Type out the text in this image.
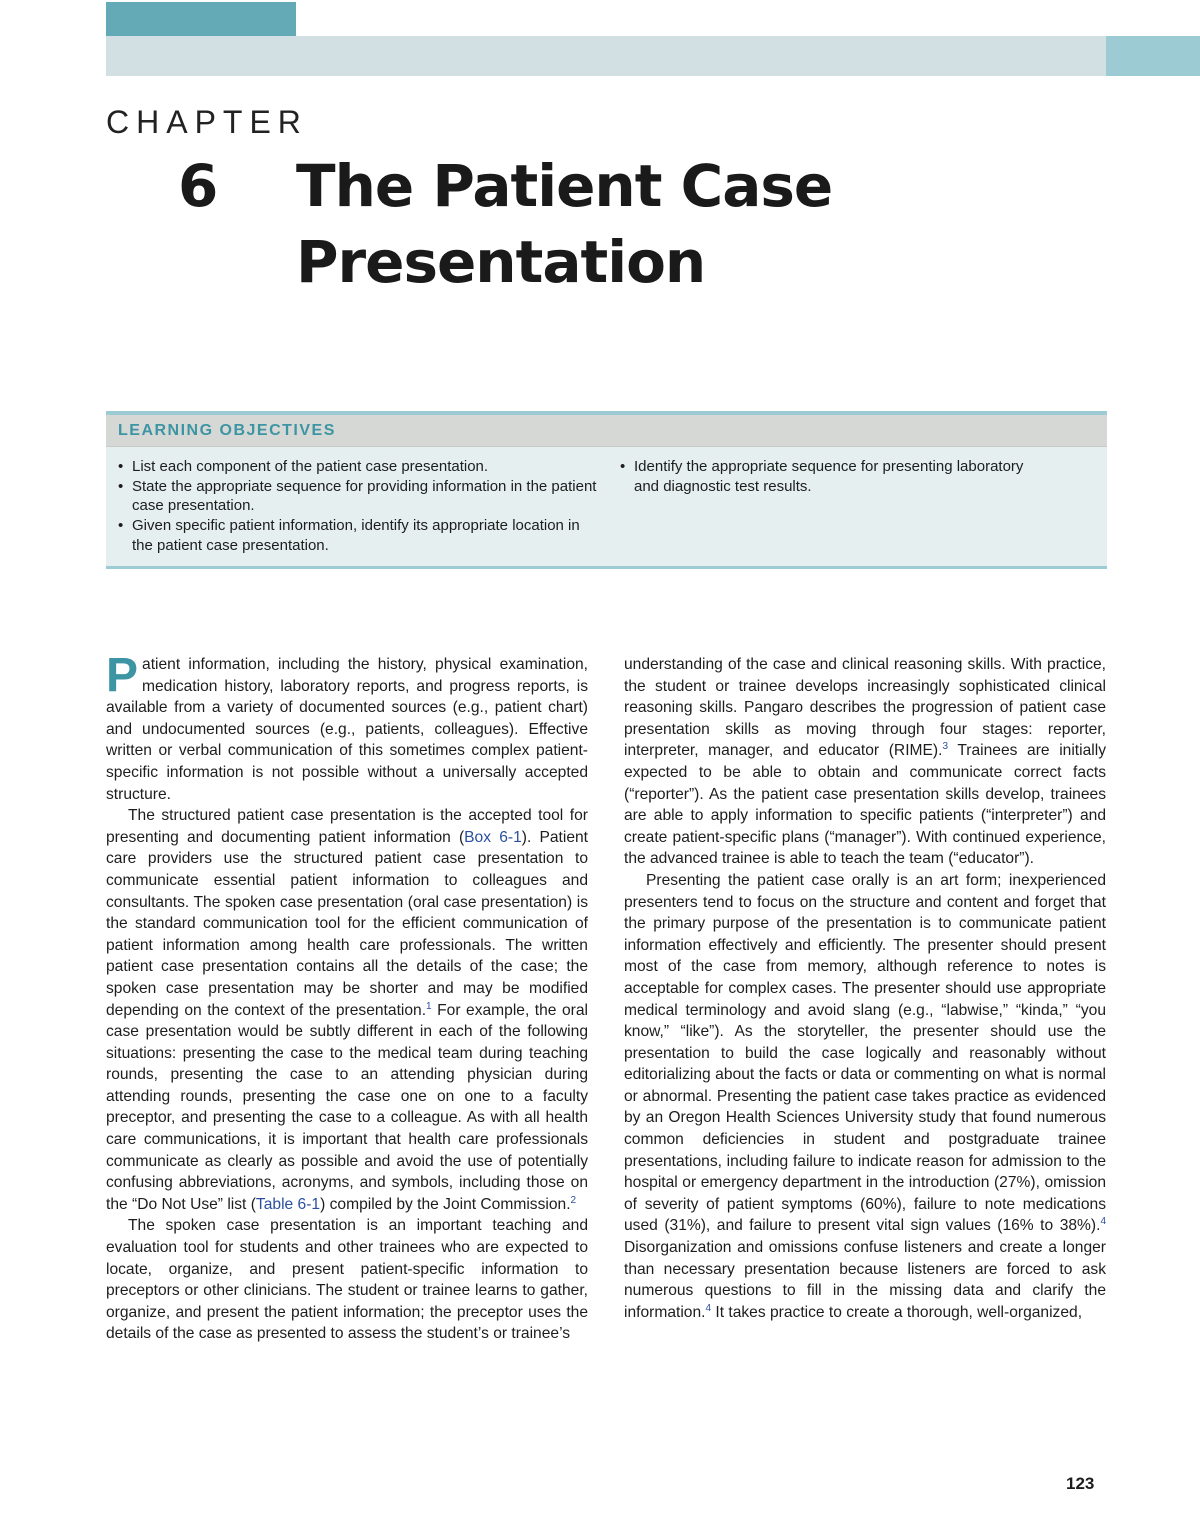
CHAPTER
6 The Patient Case
Presentation
LEARNING OBJECTIVES
• List each component of the patient case presentation.
• State the appropriate sequence for providing information in the patient case presentation.
• Given specific patient information, identify its appropriate location in the patient case presentation.
• Identify the appropriate sequence for presenting laboratory and diagnostic test results.

Patient information, including the history, physical examination, medication history, laboratory reports, and progress reports, is available from a variety of documented sources (e.g., patient chart) and undocumented sources (e.g., patients, colleagues). Effective written or verbal communication of this sometimes complex patient-specific information is not possible without a universally accepted structure.

The structured patient case presentation is the accepted tool for presenting and documenting patient information (Box 6-1). Patient care providers use the structured patient case presentation to communicate essential patient information to colleagues and consultants. The spoken case presentation (oral case presentation) is the standard communication tool for the efficient communication of patient information among health care professionals. The written patient case presentation contains all the details of the case; the spoken case presentation may be shorter and may be modified depending on the context of the presentation.$^1$ For example, the oral case presentation would be subtly different in each of the following situations: presenting the case to the medical team during teaching rounds, presenting the case to an attending physician during attending rounds, presenting the case one on one to a faculty preceptor, and presenting the case to a colleague. As with all health care communications, it is important that health care professionals communicate as clearly as possible and avoid the use of potentially confusing abbreviations, acronyms, and symbols, including those on the “Do Not Use” list (Table 6-1) compiled by the Joint Commission.$^2$

The spoken case presentation is an important teaching and evaluation tool for students and other trainees who are expected to locate, organize, and present patient-specific information to preceptors or other clinicians. The student or trainee learns to gather, organize, and present the patient information; the preceptor uses the details of the case as presented to assess the student’s or trainee’s

understanding of the case and clinical reasoning skills. With practice, the student or trainee develops increasingly sophisticated clinical reasoning skills. Pangaro describes the progression of patient case presentation skills as moving through four stages: reporter, interpreter, manager, and educator (RIME).$^3$ Trainees are initially expected to be able to obtain and communicate correct facts (“reporter”). As the patient case presentation skills develop, trainees are able to apply information to specific patients (“interpreter”) and create patient-specific plans (“manager”). With continued experience, the advanced trainee is able to teach the team (“educator”).

Presenting the patient case orally is an art form; inexperienced presenters tend to focus on the structure and content and forget that the primary purpose of the presentation is to communicate patient information effectively and efficiently. The presenter should present most of the case from memory, although reference to notes is acceptable for complex cases. The presenter should use appropriate medical terminology and avoid slang (e.g., “labwise,” “kinda,” “you know,” “like”). As the storyteller, the presenter should use the presentation to build the case logically and reasonably without editorializing about the facts or data or commenting on what is normal or abnormal. Presenting the patient case takes practice as evidenced by an Oregon Health Sciences University study that found numerous common deficiencies in student and postgraduate trainee presentations, including failure to indicate reason for admission to the hospital or emergency department in the introduction (27%), omission of severity of patient symptoms (60%), failure to note medications used (31%), and failure to present vital sign values (16% to 38%).$^4$ Disorganization and omissions confuse listeners and create a longer than necessary presentation because listeners are forced to ask numerous questions to fill in the missing data and clarify the information.$^4$ It takes practice to create a thorough, well-organized,

123
